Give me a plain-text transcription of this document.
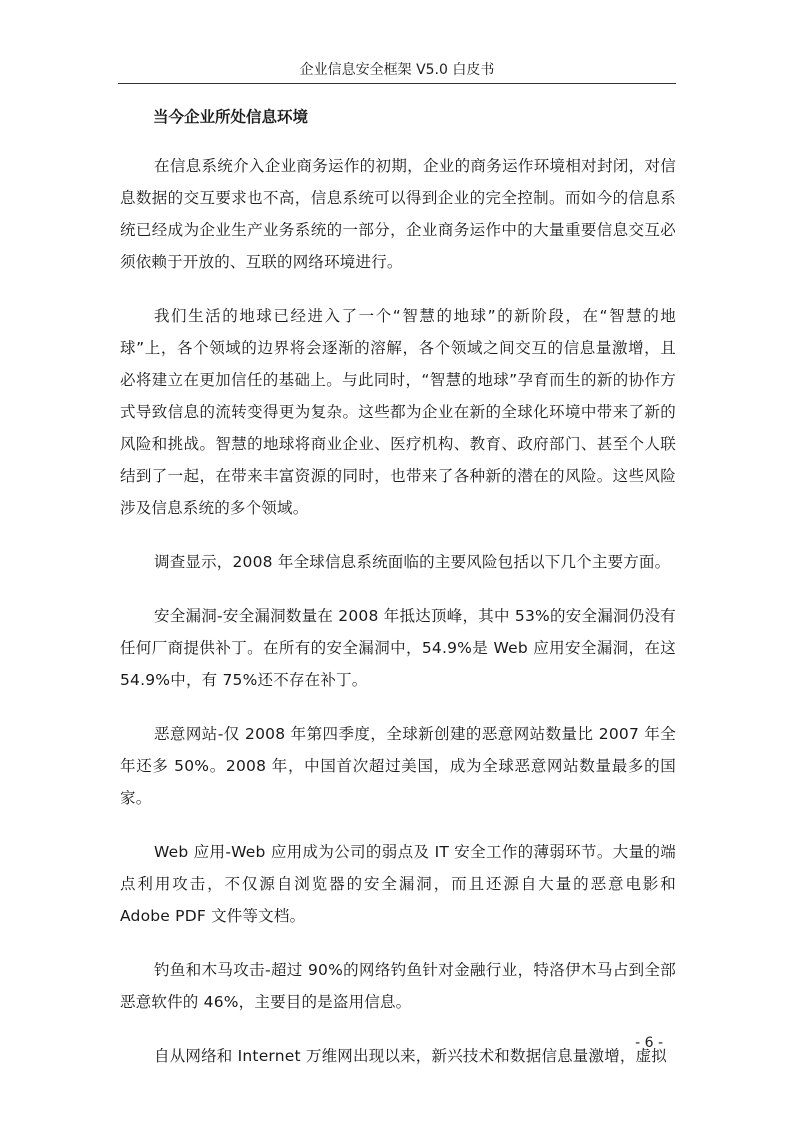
企业信息安全框架 V5.0 白皮书
当今企业所处信息环境

在信息系统介入企业商务运作的初期，企业的商务运作环境相对封闭，对信息数据的交互要求也不高，信息系统可以得到企业的完全控制。而如今的信息系统已经成为企业生产业务系统的一部分，企业商务运作中的大量重要信息交互必须依赖于开放的、互联的网络环境进行。

我们生活的地球已经进入了一个“智慧的地球”的新阶段，在“智慧的地球”上，各个领域的边界将会逐渐的溶解，各个领域之间交互的信息量激增，且必将建立在更加信任的基础上。与此同时，“智慧的地球”孕育而生的新的协作方式导致信息的流转变得更为复杂。这些都为企业在新的全球化环境中带来了新的风险和挑战。智慧的地球将商业企业、医疗机构、教育、政府部门、甚至个人联结到了一起，在带来丰富资源的同时，也带来了各种新的潜在的风险。这些风险涉及信息系统的多个领域。

调查显示，2008 年全球信息系统面临的主要风险包括以下几个主要方面。

安全漏洞-安全漏洞数量在 2008 年抵达顶峰，其中 53%的安全漏洞仍没有任何厂商提供补丁。在所有的安全漏洞中，54.9%是 Web 应用安全漏洞，在这 54.9%中，有 75%还不存在补丁。

恶意网站-仅 2008 年第四季度，全球新创建的恶意网站数量比 2007 年全年还多 50%。2008 年，中国首次超过美国，成为全球恶意网站数量最多的国家。

Web 应用-Web 应用成为公司的弱点及 IT 安全工作的薄弱环节。大量的端点利用攻击，不仅源自浏览器的安全漏洞，而且还源自大量的恶意电影和 Adobe PDF 文件等文档。

钓鱼和木马攻击-超过 90%的网络钓鱼针对金融行业，特洛伊木马占到全部恶意软件的 46%，主要目的是盗用信息。

自从网络和 Internet 万维网出现以来，新兴技术和数据信息量激增，虚拟

- 6 -
